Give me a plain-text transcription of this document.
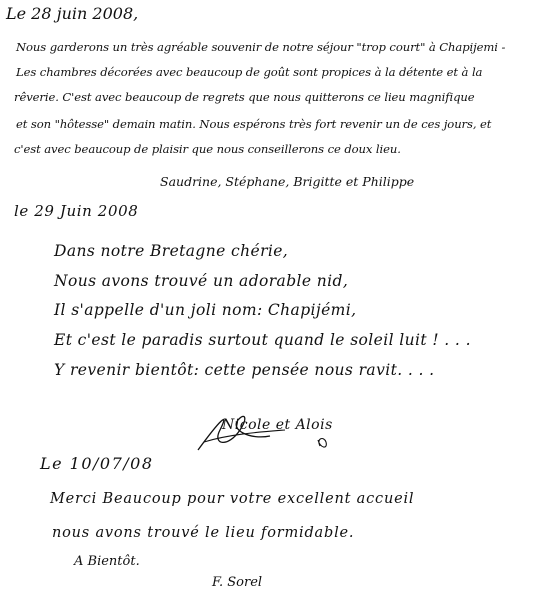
Le 28 juin 2008,
Nous garderons un très agréable souvenir de notre séjour "trop court" à Chapijemi -
Les chambres décorées avec beaucoup de goût sont propices à la détente et à la
rêverie. C'est avec beaucoup de regrets que nous quitterons ce lieu magnifique
et son "hôtesse" demain matin. Nous espérons très fort revenir un de ces jours, et
c'est avec beaucoup de plaisir que nous conseillerons ce doux lieu.
Saudrine, Stéphane, Brigitte et Philippe
le 29 Juin 2008
Dans notre Bretagne chérie,
Nous avons trouvé un adorable nid,
Il s'appelle d'un joli nom: Chapijémi,
Et c'est le paradis surtout quand le soleil luit ! . . .
Y revenir bientôt: cette pensée nous ravit. . . .
Nicole et Alois
Le 10/07/08
Merci Beaucoup pour votre excellent accueil
nous avons trouvé le lieu formidable.
A Bientôt.
F. Sorel
